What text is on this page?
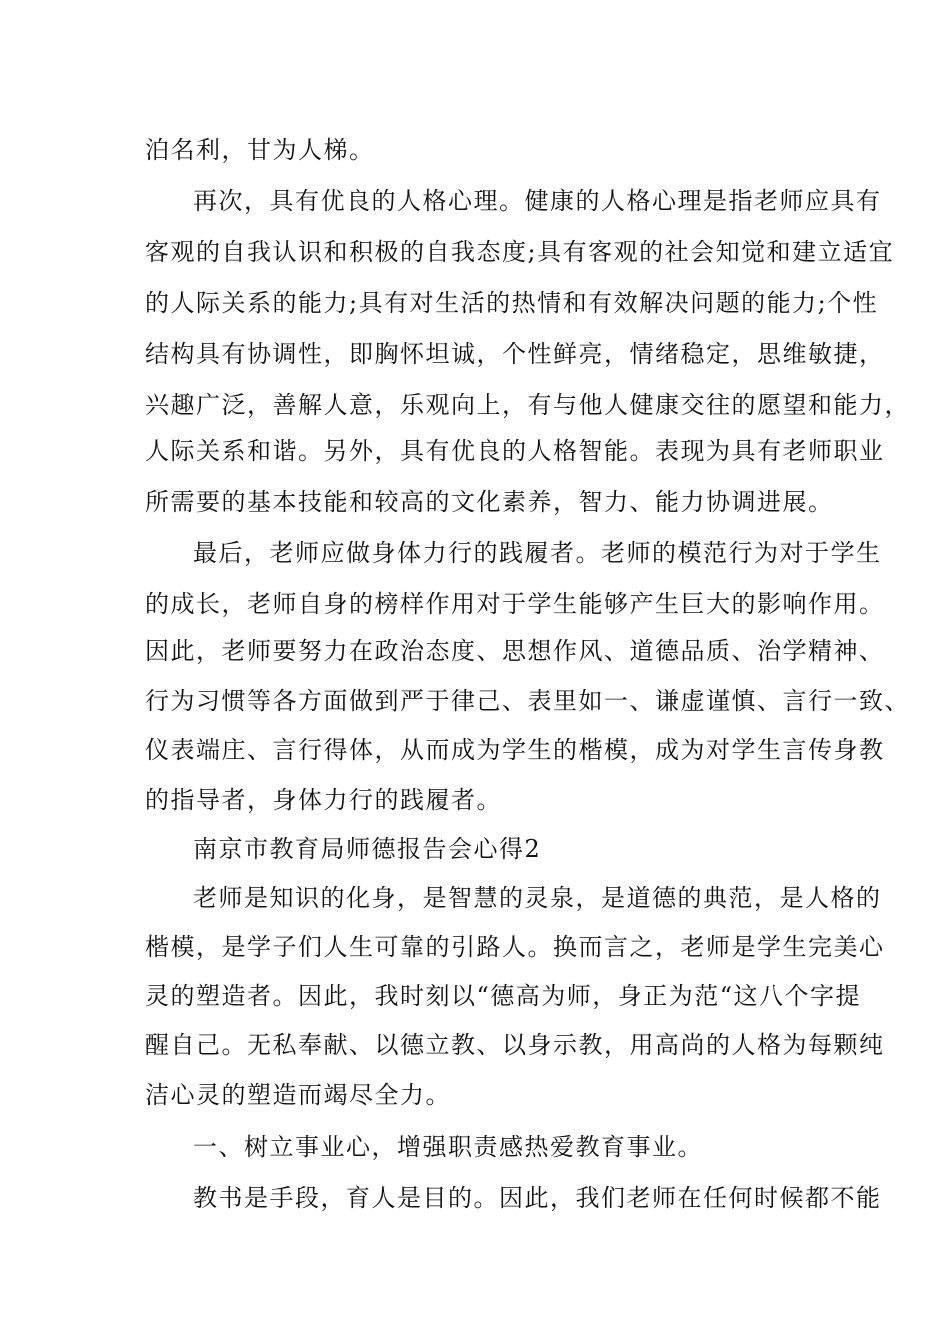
泊名利，甘为人梯。

再次，具有优良的人格心理。健康的人格心理是指老师应具有

客观的自我认识和积极的自我态度;具有客观的社会知觉和建立适宜

的人际关系的能力;具有对生活的热情和有效解决问题的能力;个性

结构具有协调性，即胸怀坦诚，个性鲜亮，情绪稳定，思维敏捷，

兴趣广泛，善解人意，乐观向上，有与他人健康交往的愿望和能力，

人际关系和谐。另外，具有优良的人格智能。表现为具有老师职业

所需要的基本技能和较高的文化素养，智力、能力协调进展。

最后，老师应做身体力行的践履者。老师的模范行为对于学生

的成长，老师自身的榜样作用对于学生能够产生巨大的影响作用。

因此，老师要努力在政治态度、思想作风、道德品质、治学精神、

行为习惯等各方面做到严于律己、表里如一、谦虚谨慎、言行一致、

仪表端庄、言行得体，从而成为学生的楷模，成为对学生言传身教

的指导者，身体力行的践履者。

南京市教育局师德报告会心得2

老师是知识的化身，是智慧的灵泉，是道德的典范，是人格的

楷模，是学子们人生可靠的引路人。换而言之，老师是学生完美心

灵的塑造者。因此，我时刻以“德高为师，身正为范“这八个字提

醒自己。无私奉献、以德立教、以身示教，用高尚的人格为每颗纯

洁心灵的塑造而竭尽全力。

一、树立事业心，增强职责感热爱教育事业。

教书是手段，育人是目的。因此，我们老师在任何时候都不能
